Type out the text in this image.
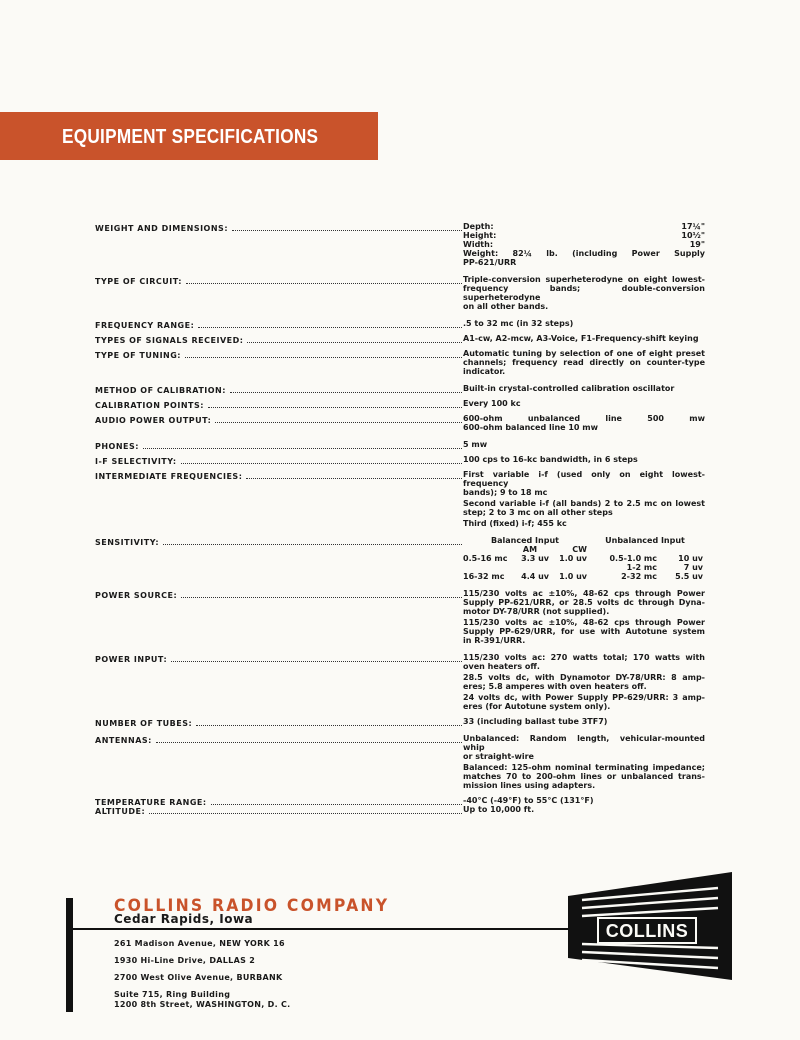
EQUIPMENT SPECIFICATIONS
WEIGHT AND DIMENSIONS:	Depth: 17¼"
Height: 10½"
Width: 19"
Weight: 82¼ lb. (including Power Supply
PP-621/URR
TYPE OF CIRCUIT:	Triple-conversion superheterodyne on eight lowest-
frequency bands; double-conversion superheterodyne
on all other bands.
FREQUENCY RANGE:	.5 to 32 mc (in 32 steps)
TYPES OF SIGNALS RECEIVED:	A1-cw, A2-mcw, A3-Voice, F1-Frequency-shift keying
TYPE OF TUNING:	Automatic tuning by selection of one of eight preset
channels; frequency read directly on counter-type
indicator.
METHOD OF CALIBRATION:	Built-in crystal-controlled calibration oscillator
CALIBRATION POINTS:	Every 100 kc
AUDIO POWER OUTPUT:	600-ohm unbalanced line 500 mw
600-ohm balanced line 10 mw
PHONES:	5 mw
I-F SELECTIVITY:	100 cps to 16-kc bandwidth, in 6 steps
INTERMEDIATE FREQUENCIES:	First variable i-f (used only on eight lowest-frequency
bands); 9 to 18 mc
Second variable i-f (all bands) 2 to 2.5 mc on lowest
step; 2 to 3 mc on all other steps
Third (fixed) i-f; 455 kc
SENSITIVITY:	Balanced Input			Unbalanced Input	
	AM	CW		
0.5-16 mc	3.3 uv	1.0 uv	0.5-1.0 mc	10 uv
			1-2 mc	7 uv
16-32 mc	4.4 uv	1.0 uv	2-32 mc	5.5 uv
POWER SOURCE:	115/230 volts ac ±10%, 48-62 cps through Power
Supply PP-621/URR, or 28.5 volts dc through Dyna-
motor DY-78/URR (not supplied).
115/230 volts ac ±10%, 48-62 cps through Power
Supply PP-629/URR, for use with Autotune system
in R-391/URR.
POWER INPUT:	115/230 volts ac: 270 watts total; 170 watts with
oven heaters off.
28.5 volts dc, with Dynamotor DY-78/URR: 8 amp-
eres; 5.8 amperes with oven heaters off.
24 volts dc, with Power Supply PP-629/URR: 3 amp-
eres (for Autotune system only).
NUMBER OF TUBES:	33 (including ballast tube 3TF7)
ANTENNAS:	Unbalanced: Random length, vehicular-mounted whip
or straight-wire
Balanced: 125-ohm nominal terminating impedance;
matches 70 to 200-ohm lines or unbalanced trans-
mission lines using adapters.
TEMPERATURE RANGE:	-40°C (-49°F) to 55°C (131°F)
ALTITUDE:	Up to 10,000 ft.
COLLINS RADIO COMPANY
Cedar Rapids, Iowa
261 Madison Avenue, NEW YORK 16
1930 Hi-Line Drive, DALLAS 2
2700 West Olive Avenue, BURBANK
Suite 715, Ring Building
1200 8th Street, WASHINGTON, D. C.
COLLINS
